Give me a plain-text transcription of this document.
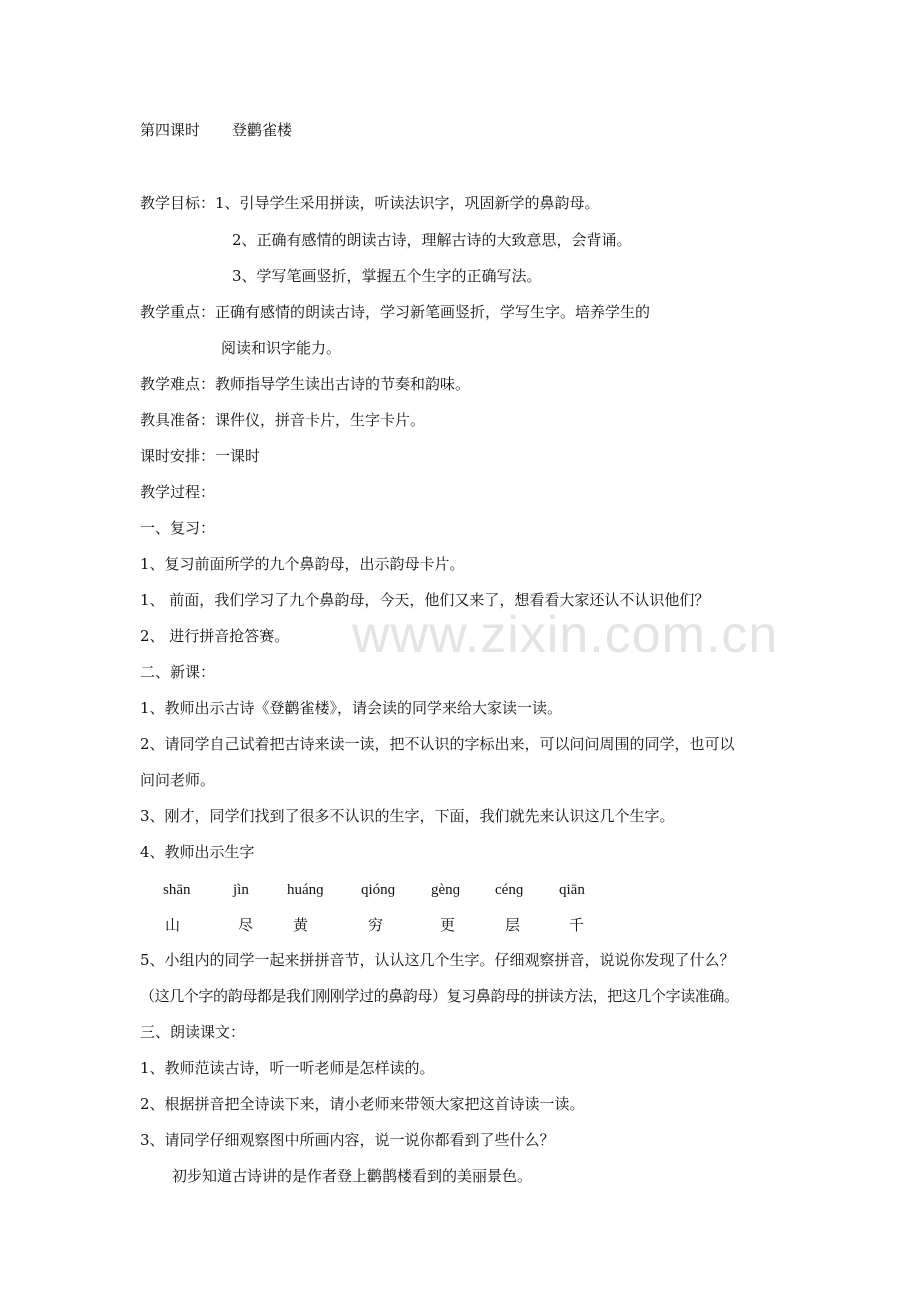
www.zixin.com.cn
第四课时 登鹳雀楼
教学目标：1、引导学生采用拼读，听读法识字，巩固新学的鼻韵母。
2、正确有感情的朗读古诗，理解古诗的大致意思，会背诵。
3、学写笔画竖折，掌握五个生字的正确写法。
教学重点：正确有感情的朗读古诗，学习新笔画竖折，学写生字。培养学生的
阅读和识字能力。
教学难点：教师指导学生读出古诗的节奏和韵味。
教具准备：课件仪，拼音卡片，生字卡片。
课时安排：一课时
教学过程：
一、复习：
1、复习前面所学的九个鼻韵母，出示韵母卡片。
1、 前面，我们学习了九个鼻韵母，今天，他们又来了，想看看大家还认不认识他们？
2、 进行拼音抢答赛。
二、新课：
1、教师出示古诗《登鹳雀楼》，请会读的同学来给大家读一读。
2、请同学自己试着把古诗来读一读，把不认识的字标出来，可以问问周围的同学，也可以
问问老师。
3、刚才，同学们找到了很多不认识的生字，下面，我们就先来认识这几个生字。
4、教师出示生字
shān	jìn	huánɡ qiónɡ gènɡ cénɡ qiān
山	尽	黄	穷	更	层	千
5、小组内的同学一起来拼拼音节，认认这几个生字。仔细观察拼音，说说你发现了什么？
（这几个字的韵母都是我们刚刚学过的鼻韵母）复习鼻韵母的拼读方法，把这几个字读准确。
三、朗读课文：
1、教师范读古诗，听一听老师是怎样读的。
2、根据拼音把全诗读下来，请小老师来带领大家把这首诗读一读。
3、请同学仔细观察图中所画内容，说一说你都看到了些什么？
初步知道古诗讲的是作者登上鹳鹊楼看到的美丽景色。
